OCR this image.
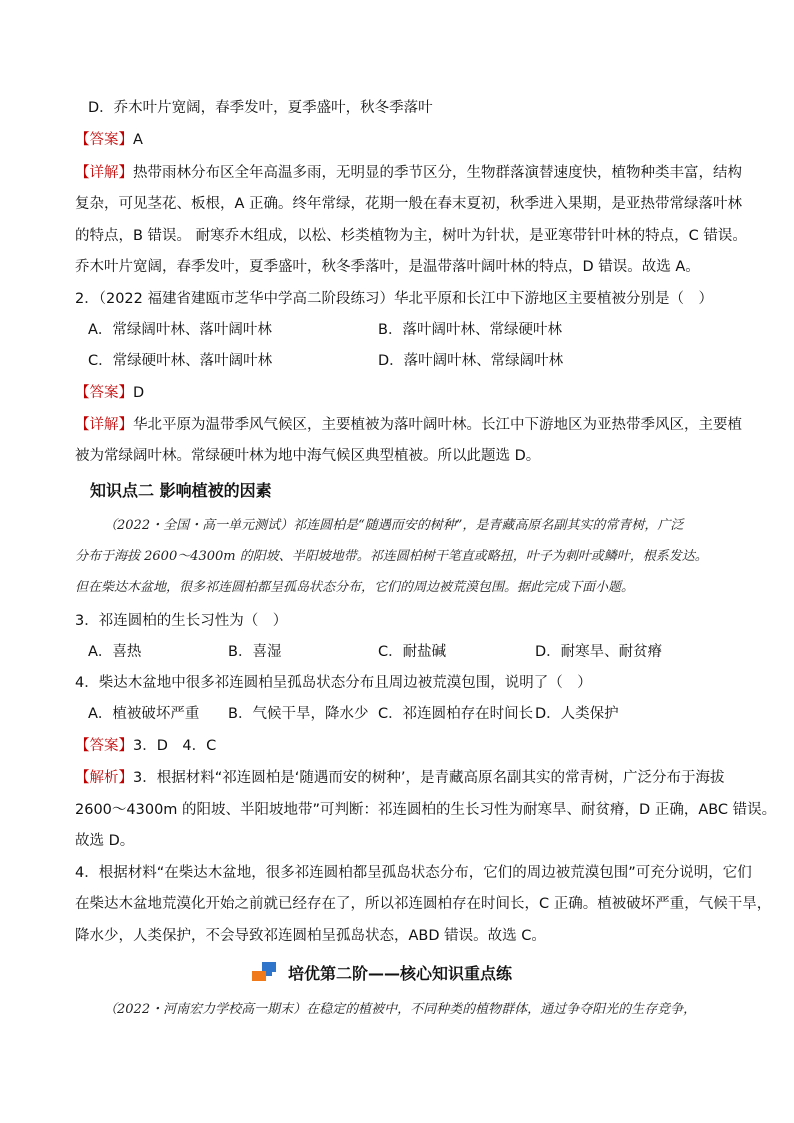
D．乔木叶片宽阔，春季发叶，夏季盛叶，秋冬季落叶
【答案】A
【详解】热带雨林分布区全年高温多雨，无明显的季节区分，生物群落演替速度快，植物种类丰富，结构
复杂，可见茎花、板根，A 正确。终年常绿，花期一般在春末夏初，秋季进入果期，是亚热带常绿落叶林
的特点，B 错误。 耐寒乔木组成，以松、杉类植物为主，树叶为针状，是亚寒带针叶林的特点，C 错误。
乔木叶片宽阔，春季发叶，夏季盛叶，秋冬季落叶，是温带落叶阔叶林的特点，D 错误。故选 A。
2．（2022 福建省建瓯市芝华中学高二阶段练习）华北平原和长江中下游地区主要植被分别是（　）
A．常绿阔叶林、落叶阔叶林	B．落叶阔叶林、常绿硬叶林
C．常绿硬叶林、落叶阔叶林	D．落叶阔叶林、常绿阔叶林
【答案】D
【详解】华北平原为温带季风气候区，主要植被为落叶阔叶林。长江中下游地区为亚热带季风区，主要植
被为常绿阔叶林。常绿硬叶林为地中海气候区典型植被。所以此题选 D。
知识点二 影响植被的因素
（2022・全国・高一单元测试）祁连圆柏是“随遇而安的树种”，是青藏高原名副其实的常青树，广泛
分布于海拔 2600～4300m 的阳坡、半阳坡地带。祁连圆柏树干笔直或略扭，叶子为刺叶或鳞叶，根系发达。
但在柴达木盆地，很多祁连圆柏都呈孤岛状态分布，它们的周边被荒漠包围。据此完成下面小题。
3．祁连圆柏的生长习性为（　）
A．喜热	B．喜湿	C．耐盐碱	D．耐寒旱、耐贫瘠
4．柴达木盆地中很多祁连圆柏呈孤岛状态分布且周边被荒漠包围，说明了（　）
A．植被破坏严重 B．气候干旱，降水少 C．祁连圆柏存在时间长 D．人类保护
【答案】3．D　4．C
【解析】3．根据材料“祁连圆柏是‘随遇而安的树种’，是青藏高原名副其实的常青树，广泛分布于海拔
2600～4300m 的阳坡、半阳坡地带”可判断：祁连圆柏的生长习性为耐寒旱、耐贫瘠，D 正确，ABC 错误。
故选 D。
4．根据材料“在柴达木盆地，很多祁连圆柏都呈孤岛状态分布，它们的周边被荒漠包围”可充分说明，它们
在柴达木盆地荒漠化开始之前就已经存在了，所以祁连圆柏存在时间长，C 正确。植被破坏严重，气候干旱，
降水少，人类保护，不会导致祁连圆柏呈孤岛状态，ABD 错误。故选 C。
培优第二阶——核心知识重点练
（2022・河南宏力学校高一期末）在稳定的植被中，不同种类的植物群体，通过争夺阳光的生存竞争，
